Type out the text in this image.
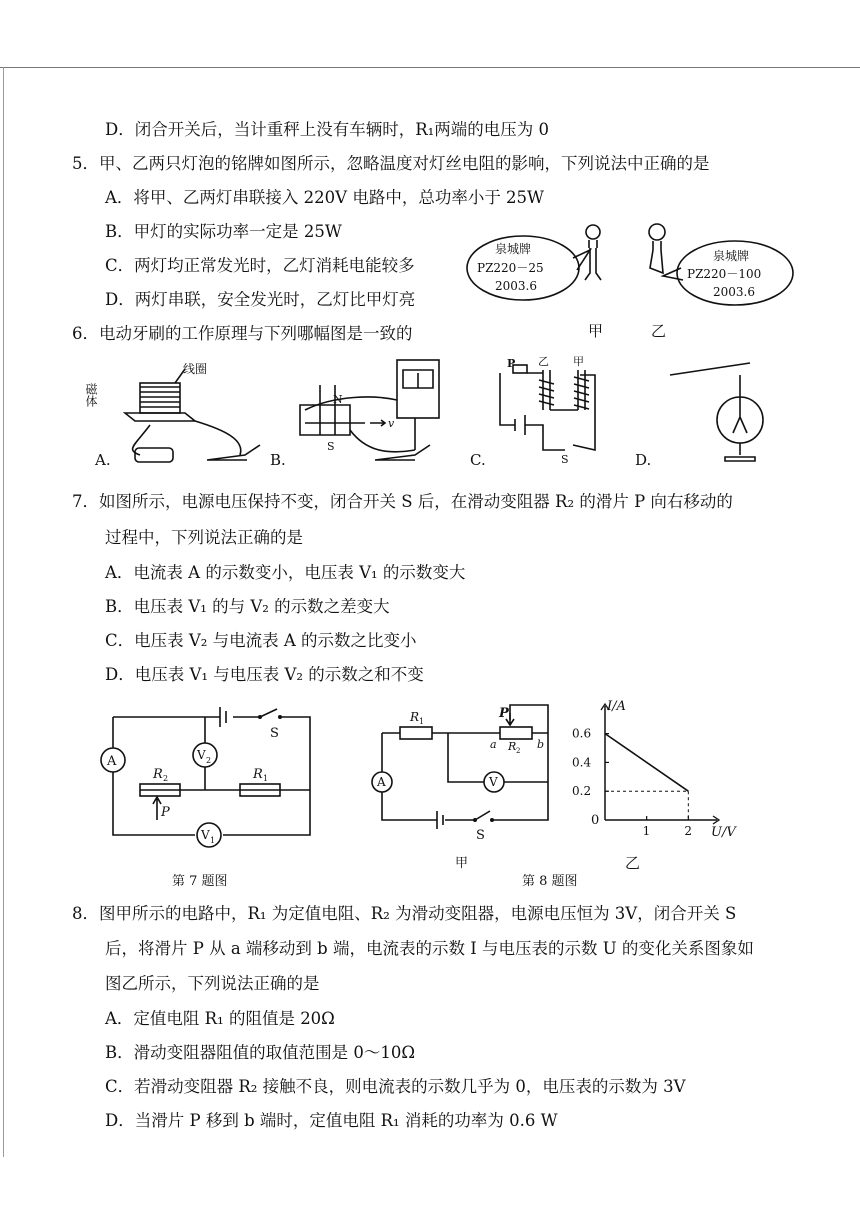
D．闭合开关后，当计重秤上没有车辆时，R₁两端的电压为 0
5．甲、乙两只灯泡的铭牌如图所示，忽略温度对灯丝电阻的影响，下列说法中正确的是
A．将甲、乙两灯串联接入 220V 电路中，总功率小于 25W
B．甲灯的实际功率一定是 25W
C．两灯均正常发光时，乙灯消耗电能较多
D．两灯串联，安全发光时，乙灯比甲灯亮
泉城牌
PZ220－25
2003.6
泉城牌
PZ220－100
2003.6
甲	乙
6．电动牙刷的工作原理与下列哪幅图是一致的
磁体
线圈
A.	B.
N
S
v
C.
P 乙 甲
S	D.
7．如图所示，电源电压保持不变，闭合开关 S 后，在滑动变阻器 R₂ 的滑片 P 向右移动的
过程中，下列说法正确的是
A．电流表 A 的示数变小，电压表 V₁ 的示数变大
B．电压表 V₁ 的与 V₂ 的示数之差变大
C．电压表 V₂ 与电流表 A 的示数之比变小
D．电压表 V₁ 与电压表 V₂ 的示数之和不变
A	V 2
R 2	R 1
P
V 1
S
第 7 题图
R 1
P
a R 2 b
A	V
S
甲
I/A
U/V
0
1	2
0.2
0.4
0.6
乙
第 8 题图
8．图甲所示的电路中，R₁ 为定值电阻、R₂ 为滑动变阻器，电源电压恒为 3V，闭合开关 S
后，将滑片 P 从 a 端移动到 b 端，电流表的示数 I 与电压表的示数 U 的变化关系图象如
图乙所示，下列说法正确的是
A．定值电阻 R₁ 的阻值是 20Ω
B．滑动变阻器阻值的取值范围是 0～10Ω
C．若滑动变阻器 R₂ 接触不良，则电流表的示数几乎为 0，电压表的示数为 3V
D．当滑片 P 移到 b 端时，定值电阻 R₁ 消耗的功率为 0.6 W
